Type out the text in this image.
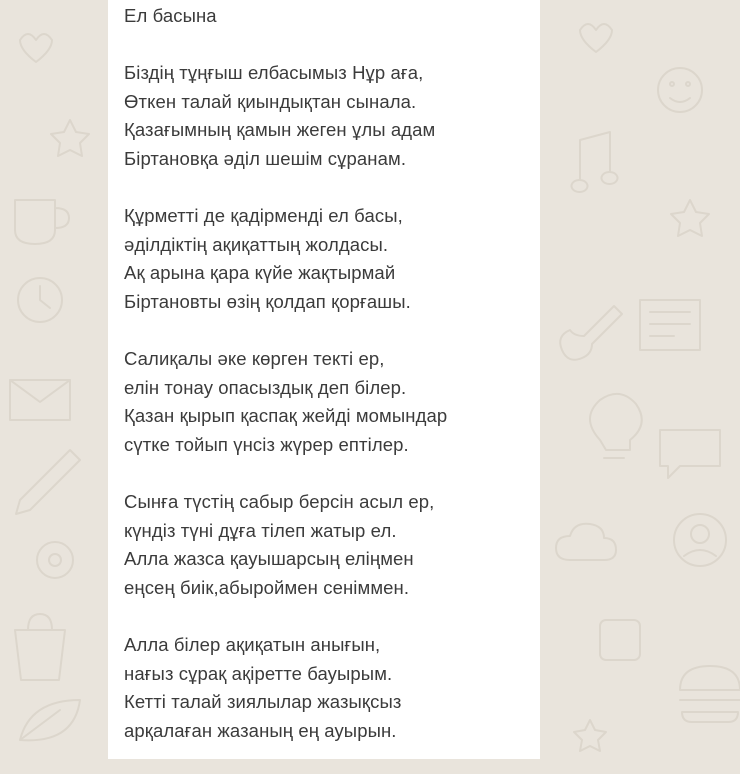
Ел басына
Біздің тұңғыш елбасымыз Нұр аға,
Өткен талай қиындықтан сынала.
Қазағымның қамын жеген ұлы адам
Біртановқа әділ шешім сұранам.
Құрметті де қадірменді ел басы,
әділдіктің ақиқаттың жолдасы.
Ақ арына қара күйе жақтырмай
Біртановты өзің қолдап қорғашы.
Салиқалы әке көрген текті ер,
елін тонау опасыздық деп білер.
Қазан қырып қаспақ жейді момындар
сүтке тойып үнсіз жүрер ептілер.
Сынға түстің сабыр берсін асыл ер,
күндіз түні дұға тілеп жатыр ел.
Алла жазса қауышарсың елiңмен
еңсең биік,абыроймен сеніммен.
Алла білер ақиқатын анығын,
нағыз сұрақ ақіретте бауырым.
Кетті талай зиялылар жазықсыз
арқалаған жазаның ең ауырын.
